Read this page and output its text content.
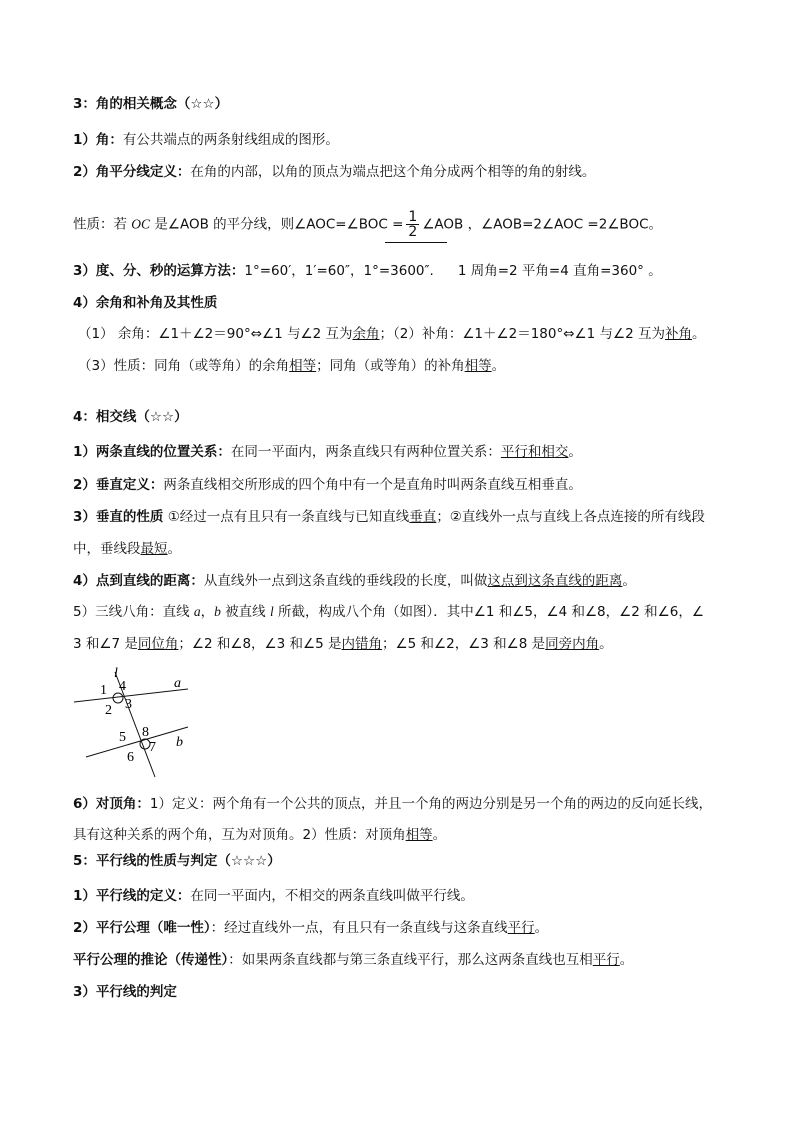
3：角的相关概念（☆☆）
1）角：有公共端点的两条射线组成的图形。
2）角平分线定义：在角的内部，以角的顶点为端点把这个角分成两个相等的角的射线。
性质：若 OC 是∠AOB 的平分线，则∠AOC=∠BOC = $\frac{1}{2}$ ∠AOB ，∠AOB=2∠AOC =2∠BOC。
3）度、分、秒的运算方法：1°=60′，1′=60″，1°=3600″. 1 周角=2 平角=4 直角=360° 。
4）余角和补角及其性质
（1） 余角：∠1＋∠2＝90°⇔∠1 与∠2 互为余角；（2）补角：∠1＋∠2＝180°⇔∠1 与∠2 互为补角。
（3）性质：同角（或等角）的余角相等；同角（或等角）的补角相等。
4：相交线（☆☆）
1）两条直线的位置关系：在同一平面内，两条直线只有两种位置关系：平行和相交。
2）垂直定义：两条直线相交所形成的四个角中有一个是直角时叫两条直线互相垂直。
3）垂直的性质 ①经过一点有且只有一条直线与已知直线垂直；②直线外一点与直线上各点连接的所有线段
中，垂线段最短。
4）点到直线的距离：从直线外一点到这条直线的垂线段的长度，叫做这点到这条直线的距离。
5）三线八角：直线 a，b 被直线 l 所截，构成八个角（如图）．其中∠1 和∠5，∠4 和∠8，∠2 和∠6，∠
3 和∠7 是同位角；∠2 和∠8，∠3 和∠5 是内错角；∠5 和∠2，∠3 和∠8 是同旁内角。
l
a
b
1 4
2 3
5 8
6
7
6）对顶角：1）定义：两个角有一个公共的顶点，并且一个角的两边分别是另一个角的两边的反向延长线，
具有这种关系的两个角，互为对顶角。2）性质：对顶角相等。
5：平行线的性质与判定（☆☆☆）
1）平行线的定义：在同一平面内，不相交的两条直线叫做平行线。
2）平行公理（唯一性）：经过直线外一点，有且只有一条直线与这条直线平行。
平行公理的推论（传递性）：如果两条直线都与第三条直线平行，那么这两条直线也互相平行。
3）平行线的判定
